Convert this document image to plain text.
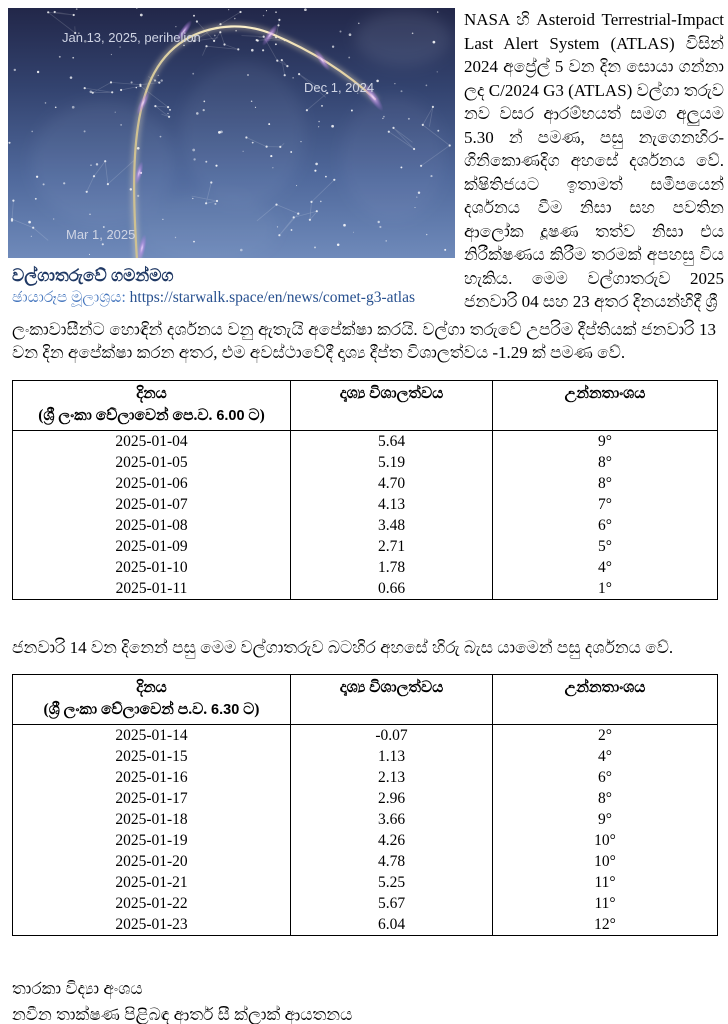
Jan 13, 2025, perihelion
Dec 1, 2024
Mar 1, 2025
වල්ගාතරුවේ ගමන්මග
ඡායාරූප මූලාශ්‍රය: https://starwalk.space/en/news/comet-g3-atlas

NASA හි Asteroid Terrestrial-Impact Last Alert System (ATLAS) විසින් 2024 අප්‍රේල් 5 වන දින සොයා ගන්නා ලද C/2024 G3 (ATLAS) වල්ගා තරුව නව වසර ආරම්භයත් සමග අලුයම 5.30 න් පමණ, පසු නැගෙනහිර-ගිනිකොණදිග අහසේ දර්ශනය වේ. ක්ෂිතිජයට ඉතාමත් සමීපයෙන් දර්ශනය වීම නිසා සහ පවතින ආලෝක දූෂණ තත්ව නිසා එය නිරීක්ෂණය කිරීම තරමක් අපහසු විය හැකිය. මෙම වල්ගාතරුව 2025 ජනවාරි 04 සහ 23 අතර දිනයන්හිදී ශ්‍රී

ලංකාවාසීන්ට හොඳින් දර්ශනය වනු ඇතැයි අපේක්ෂා කරයි. වල්ගා තරුවේ උපරිම දීප්තියක් ජනවාරි 13 වන දින අපේක්ෂා කරන අතර, එම අවස්ථාවේදී දෘශ්‍ය දීප්ත විශාලත්වය -1.29 ක් පමණ වේ.

දිනය
(ශ්‍රී ලංකා වේලාවෙන් පෙ.ව. 6.00 ට)	දෘශ්‍ය විශාලත්වය	උන්නතාංශය
2025-01-04	5.64	9°
2025-01-05	5.19	8°
2025-01-06	4.70	8°
2025-01-07	4.13	7°
2025-01-08	3.48	6°
2025-01-09	2.71	5°
2025-01-10	1.78	4°
2025-01-11	0.66	1°

ජනවාරි 14 වන දිනෙන් පසු මෙම වල්ගාතරුව බටහිර අහසේ හිරු බැස යාමෙන් පසු දර්ශනය වේ.

දිනය
(ශ්‍රී ලංකා වේලාවෙන් ප.ව. 6.30 ට)	දෘශ්‍ය විශාලත්වය	උන්නතාංශය
2025-01-14	-0.07	2°
2025-01-15	1.13	4°
2025-01-16	2.13	6°
2025-01-17	2.96	8°
2025-01-18	3.66	9°
2025-01-19	4.26	10°
2025-01-20	4.78	10°
2025-01-21	5.25	11°
2025-01-22	5.67	11°
2025-01-23	6.04	12°
තාරකා විද්‍යා අංශය
නවීන තාක්ෂණ පිළිබඳ ආතර් සී ක්ලාක් ආයතනය
